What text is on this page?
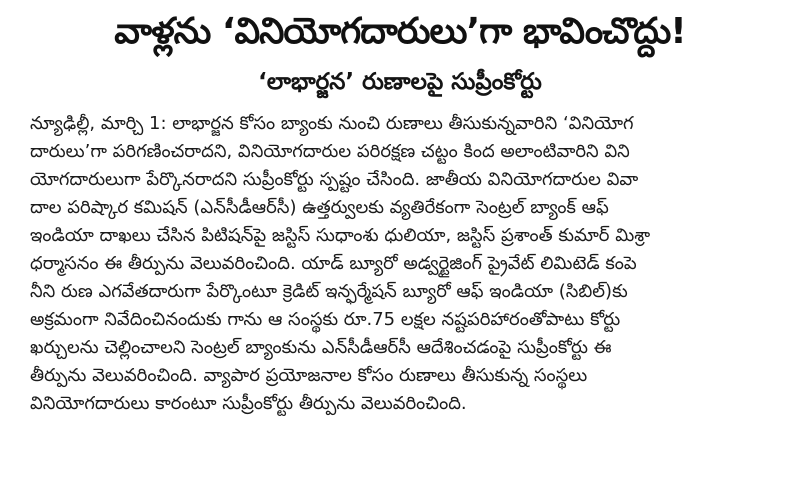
వాళ్లను ‘వినియోగదారులు’గా భావించొద్దు!
‘లాభార్జన’ రుణాలపై సుప్రీంకోర్టు
న్యూఢిల్లీ, మార్చి 1: లాభార్జన కోసం బ్యాంకు నుంచి రుణాలు తీసుకున్నవారిని ‘వినియోగ
దారులు’గా పరిగణించరాదని, వినియోగదారుల పరిరక్షణ చట్టం కింద అలాంటివారిని విని
యోగదారులుగా పేర్కొనరాదని సుప్రీంకోర్టు స్పష్టం చేసింది. జాతీయ వినియోగదారుల వివా
దాల పరిష్కార కమిషన్ (ఎన్‌సీడీఆర్‌సీ) ఉత్తర్వులకు వ్యతిరేకంగా సెంట్రల్ బ్యాంక్ ఆఫ్
ఇండియా దాఖలు చేసిన పిటిషన్‌పై జస్టిస్ సుధాంశు ధులియా, జస్టిస్ ప్రశాంత్ కుమార్ మిశ్రా
ధర్మాసనం ఈ తీర్పును వెలువరించింది. యాడ్ బ్యూరో అడ్వర్టైజింగ్ ప్రైవేట్ లిమిటెడ్ కంపె
నీని రుణ ఎగవేతదారుగా పేర్కొంటూ క్రెడిట్ ఇన్ఫర్మేషన్ బ్యూరో ఆఫ్ ఇండియా (సిబిల్)కు
అక్రమంగా నివేదించినందుకు గాను ఆ సంస్థకు రూ.75 లక్షల నష్టపరిహారంతోపాటు కోర్టు
ఖర్చులను చెల్లించాలని సెంట్రల్ బ్యాంకును ఎన్‌సీడీఆర్‌సీ ఆదేశించడంపై సుప్రీంకోర్టు ఈ
తీర్పును వెలువరించింది. వ్యాపార ప్రయోజనాల కోసం రుణాలు తీసుకున్న సంస్థలు
వినియోగదారులు కారంటూ సుప్రీంకోర్టు తీర్పును వెలువరించింది.
